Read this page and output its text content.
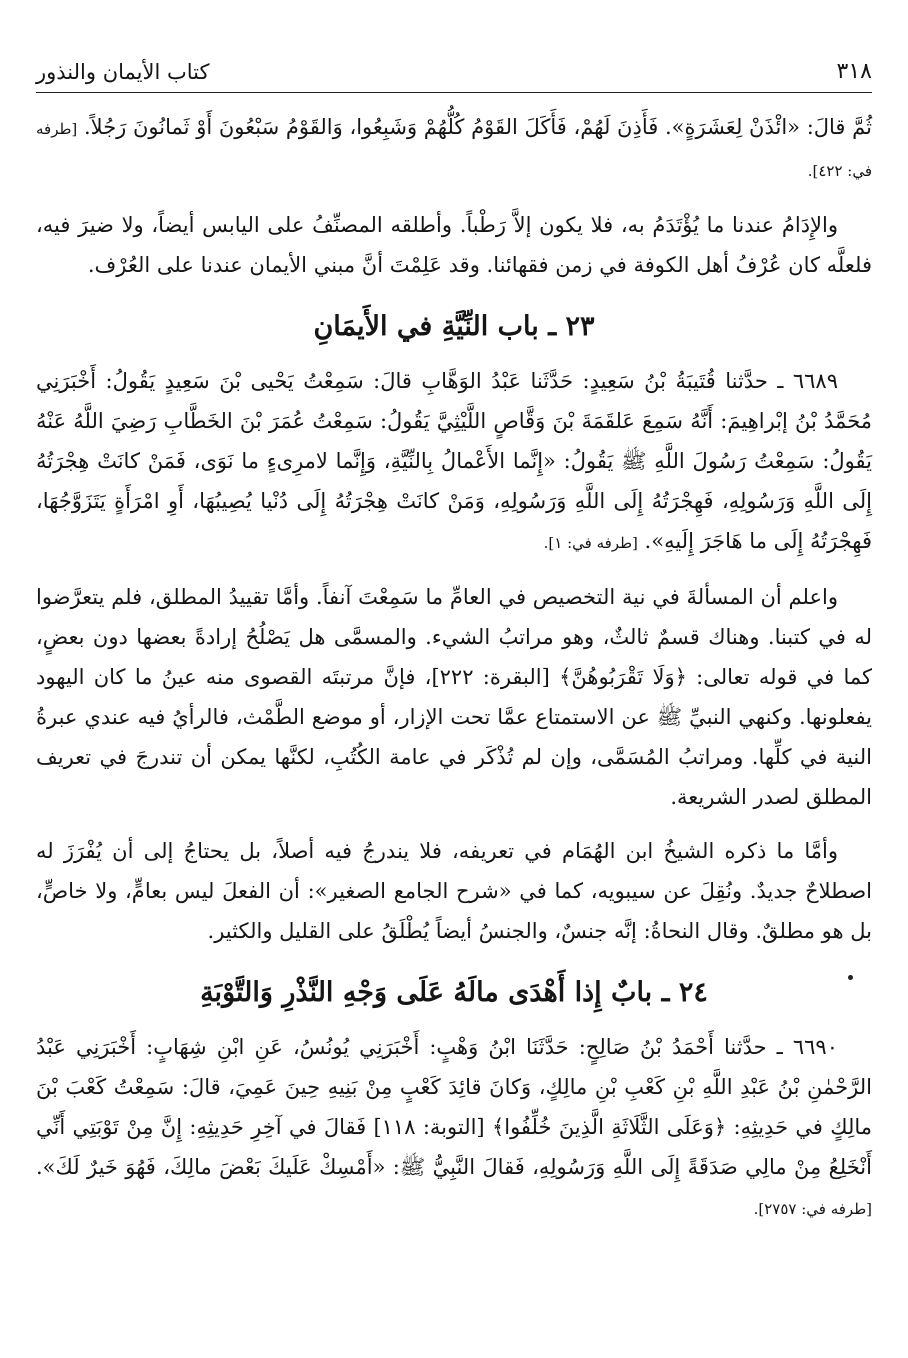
٣١٨
كتاب الأيمان والنذور

ثُمَّ قالَ: «ائْذَنْ لِعَشَرَةٍ». فَأَذِنَ لَهُمْ، فَأَكَلَ القَوْمُ كُلُّهُمْ وَشَبِعُوا، وَالقَوْمُ سَبْعُونَ أَوْ ثَمانُونَ رَجُلاً. [طرفه في: ٤٢٢].

والإِدَامُ عندنا ما يُؤْتَدَمُ به، فلا يكون إلاَّ رَطْباً. وأطلقه المصنِّفُ على اليابس أيضاً، ولا ضيرَ فيه، فلعلَّه كان عُرْفُ أهل الكوفة في زمن فقهائنا. وقد عَلِمْتَ أنَّ مبني الأيمان عندنا على العُرْف.

٢٣ ـ باب النِّيَّةِ في الأَيمَانِ

٦٦٨٩ ـ حدَّثنا قُتَيبَةُ بْنُ سَعِيدٍ: حَدَّثَنا عَبْدُ الوَهَّابِ قالَ: سَمِعْتُ يَحْيى بْنَ سَعِيدٍ يَقُولُ: أَخْبَرَنِي مُحَمَّدُ بْنُ إبْراهِيمَ: أَنَّهُ سَمِعَ عَلقَمَةَ بْنَ وَقَّاصٍ اللَّيْثِيَّ يَقُولُ: سَمِعْتُ عُمَرَ بْنَ الخَطَّابِ رَضِيَ اللَّهُ عَنْهُ يَقُولُ: سَمِعْتُ رَسُولَ اللَّهِ ﷺ يَقُولُ: «إِنَّما الأَعْمالُ بِالنِّيَّةِ، وَإِنَّما لامرِىءٍ ما نَوَى، فَمَنْ كانَتْ هِجْرَتُهُ إِلَى اللَّهِ وَرَسُولِهِ، فَهِجْرَتُهُ إِلَى اللَّهِ وَرَسُولِهِ، وَمَنْ كانَتْ هِجْرَتُهُ إِلَى دُنْيا يُصِيبُهَا، أَوِ امْرَأَةٍ يَتَزَوَّجُهَا، فَهِجْرَتُهُ إِلَى ما هَاجَرَ إِلَيهِ». [طرفه في: ١].

واعلم أن المسألةَ في نية التخصيص في العامِّ ما سَمِعْتَ آنفاً. وأمَّا تقييدُ المطلق، فلم يتعرَّضوا له في كتبنا. وهناك قسمٌ ثالثٌ، وهو مراتبُ الشيء. والمسمَّى هل يَصْلُحُ إرادةً بعضها دون بعضٍ، كما في قوله تعالى: ﴿وَلَا تَقْرَبُوهُنَّ﴾ [البقرة: ٢٢٢]، فإنَّ مرتبتَه القصوى منه عينُ ما كان اليهود يفعلونها. وكنهي النبيِّ ﷺ عن الاستمتاع عمَّا تحت الإزار، أو موضع الطَّمْث، فالرأيُ فيه عندي عبرةُ النية في كلِّها. ومراتبُ المُسَمَّى، وإن لم تُذْكَر في عامة الكُتُبِ، لكنَّها يمكن أن تندرجَ في تعريف المطلق لصدر الشريعة.

وأمَّا ما ذكره الشيخُ ابن الهُمَام في تعريفه، فلا يندرجُ فيه أصلاً، بل يحتاجُ إلى أن يُفْرَزَ له اصطلاحٌ جديدٌ. ونُقِلَ عن سيبويه، كما في «شرح الجامع الصغير»: أن الفعلَ ليس بعامٍّ، ولا خاصٍّ، بل هو مطلقٌ. وقال النحاةُ: إنَّه جنسٌ، والجنسُ أيضاً يُطْلَقُ على القليل والكثير.

٢٤ ـ بابٌ إِذا أَهْدَى مالَهُ عَلَى وَجْهِ النَّذْرِ وَالتَّوْبَةِ

٦٦٩٠ ـ حدَّثنا أَحْمَدُ بْنُ صَالِحٍ: حَدَّثَنَا ابْنُ وَهْبٍ: أَخْبَرَنِي يُونُسُ، عَنِ ابْنِ شِهَابٍ: أَخْبَرَنِي عَبْدُ الرَّحْمٰنِ بْنُ عَبْدِ اللَّهِ بْنِ كَعْبِ بْنِ مالِكٍ، وَكانَ قائِدَ كَعْبٍ مِنْ بَنِيهِ حِينَ عَمِيَ، قالَ: سَمِعْتُ كَعْبَ بْنَ مالِكٍ في حَدِيثِهِ: ﴿وَعَلَى الثَّلَاثَةِ الَّذِينَ خُلِّفُوا﴾ [التوبة: ١١٨] فَقالَ في آخِرِ حَدِيثِهِ: إِنَّ مِنْ تَوْبَتِي أَنِّي أَنْخَلِعُ مِنْ مالِي صَدَقَةً إِلَى اللَّهِ وَرَسُولِهِ، فَقالَ النَّبِيُّ ﷺ: «أَمْسِكْ عَلَيكَ بَعْضَ مالِكَ، فَهُوَ خَيرٌ لَكَ». [طرفه في: ٢٧٥٧].
